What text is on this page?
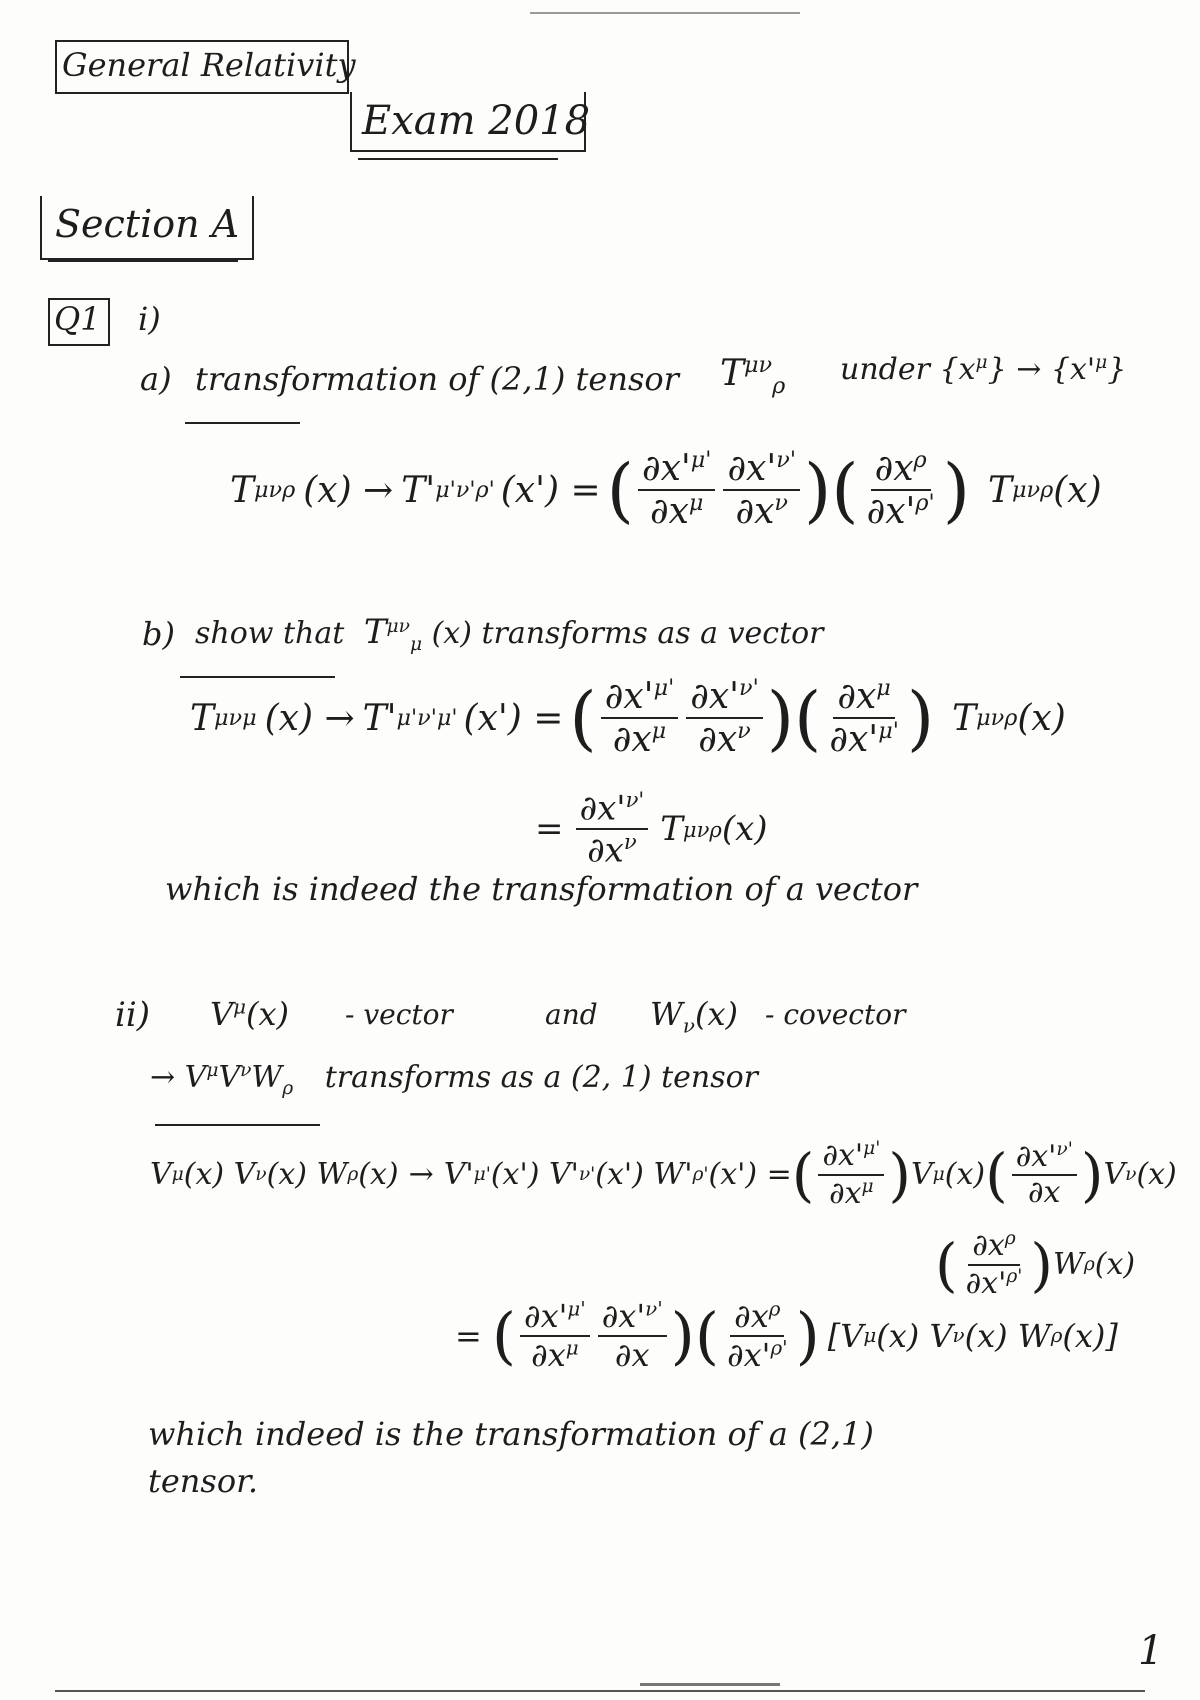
General Relativity
Exam 2018
Section A
Q1 i)
a) transformation of (2,1) tensor $T^{\mu\nu}_\rho$ under $\{x^\mu\} \to \{x'^\mu\}$
T μν ρ (x) → T' μ'ν' ρ' (x') = ( $\frac{\partial x'^{\mu'}}{\partial x^\mu} \frac{\partial x'^{\nu'}}{\partial x^\nu}$ ) ( $\frac{\partial x^\rho}{\partial x'^{\rho'}}$ ) T μν ρ (x)
b) show that $T^{\mu\nu}_\mu$ (x) transforms as a vector
T μν μ (x) → T' μ'ν' μ' (x') = ( $\frac{\partial x'^{\mu'}}{\partial x^\mu} \frac{\partial x'^{\nu'}}{\partial x^\nu}$ ) ( $\frac{\partial x^\mu}{\partial x'^{\mu'}}$ ) T μν ρ (x)
= $\frac{\partial x'^{\nu'}}{\partial x^\nu}$ T μν ρ (x)
which is indeed the transformation of a vector
ii) $V^\mu(x)$ - vector	and $W_\nu(x)$ - covector
→ $V^\mu V^\nu W_\rho$ transforms as a (2, 1) tensor
V μ (x) V ν (x) W ρ (x) → V' μ' (x') V' ν' (x') W' ρ' (x') = ( $\frac{\partial x'^{\mu'}}{\partial x^\mu}$ ) V μ (x) ( $\frac{\partial x'^{\nu'}}{\partial x}$ ) V ν (x)
( $\frac{\partial x^\rho}{\partial x'^{\rho'}}$ ) W ρ (x)
= ( $\frac{\partial x'^{\mu'}}{\partial x^\mu} \frac{\partial x'^{\nu'}}{\partial x}$ ) ( $\frac{\partial x^\rho}{\partial x'^{\rho'}}$ ) [V μ (x) V ν (x) W ρ (x)]
which indeed is the transformation of a (2,1)
tensor.
1
